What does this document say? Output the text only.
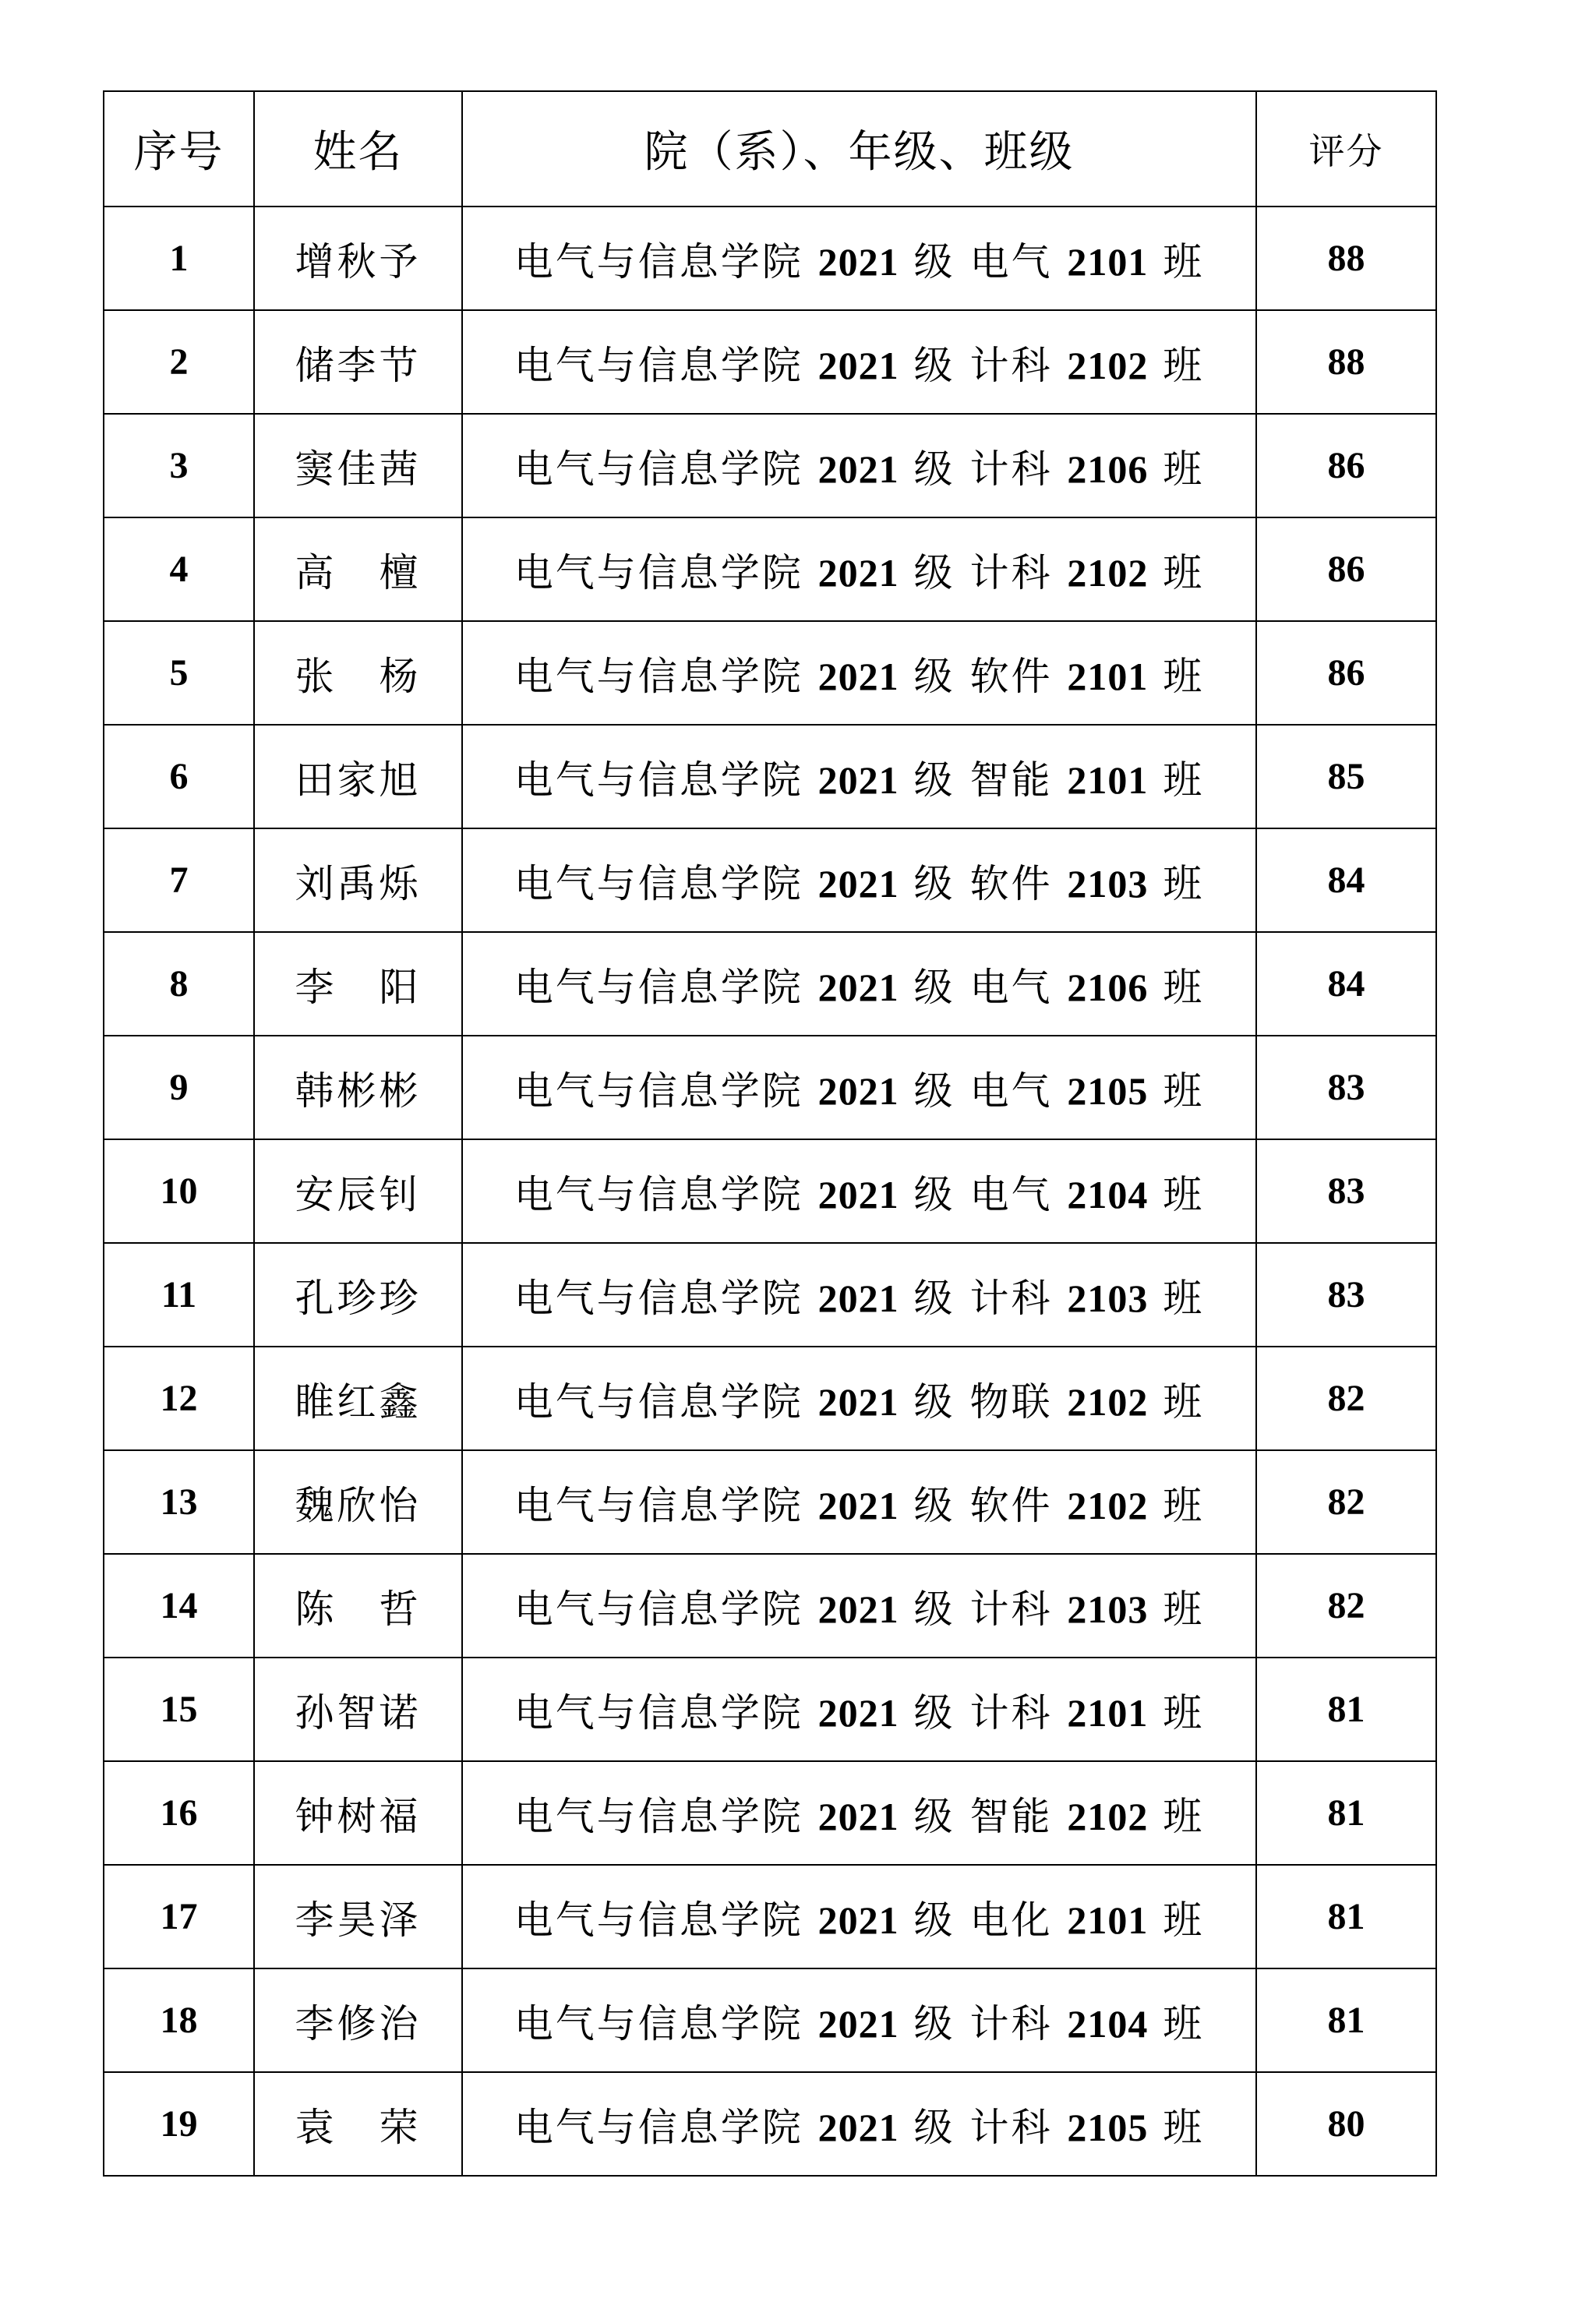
序号	姓名	院（系）、年级、班级	评分
1	增秋予	电气与信息学院 2021 级 电气 2101 班	88
2	储李节	电气与信息学院 2021 级 计科 2102 班	88
3	窦佳茜	电气与信息学院 2021 级 计科 2106 班	86
4	高　檀	电气与信息学院 2021 级 计科 2102 班	86
5	张　杨	电气与信息学院 2021 级 软件 2101 班	86
6	田家旭	电气与信息学院 2021 级 智能 2101 班	85
7	刘禹烁	电气与信息学院 2021 级 软件 2103 班	84
8	李　阳	电气与信息学院 2021 级 电气 2106 班	84
9	韩彬彬	电气与信息学院 2021 级 电气 2105 班	83
10	安辰钊	电气与信息学院 2021 级 电气 2104 班	83
11	孔珍珍	电气与信息学院 2021 级 计科 2103 班	83
12	睢红鑫	电气与信息学院 2021 级 物联 2102 班	82
13	魏欣怡	电气与信息学院 2021 级 软件 2102 班	82
14	陈　哲	电气与信息学院 2021 级 计科 2103 班	82
15	孙智诺	电气与信息学院 2021 级 计科 2101 班	81
16	钟树福	电气与信息学院 2021 级 智能 2102 班	81
17	李昊泽	电气与信息学院 2021 级 电化 2101 班	81
18	李修治	电气与信息学院 2021 级 计科 2104 班	81
19	袁　荣	电气与信息学院 2021 级 计科 2105 班	80
